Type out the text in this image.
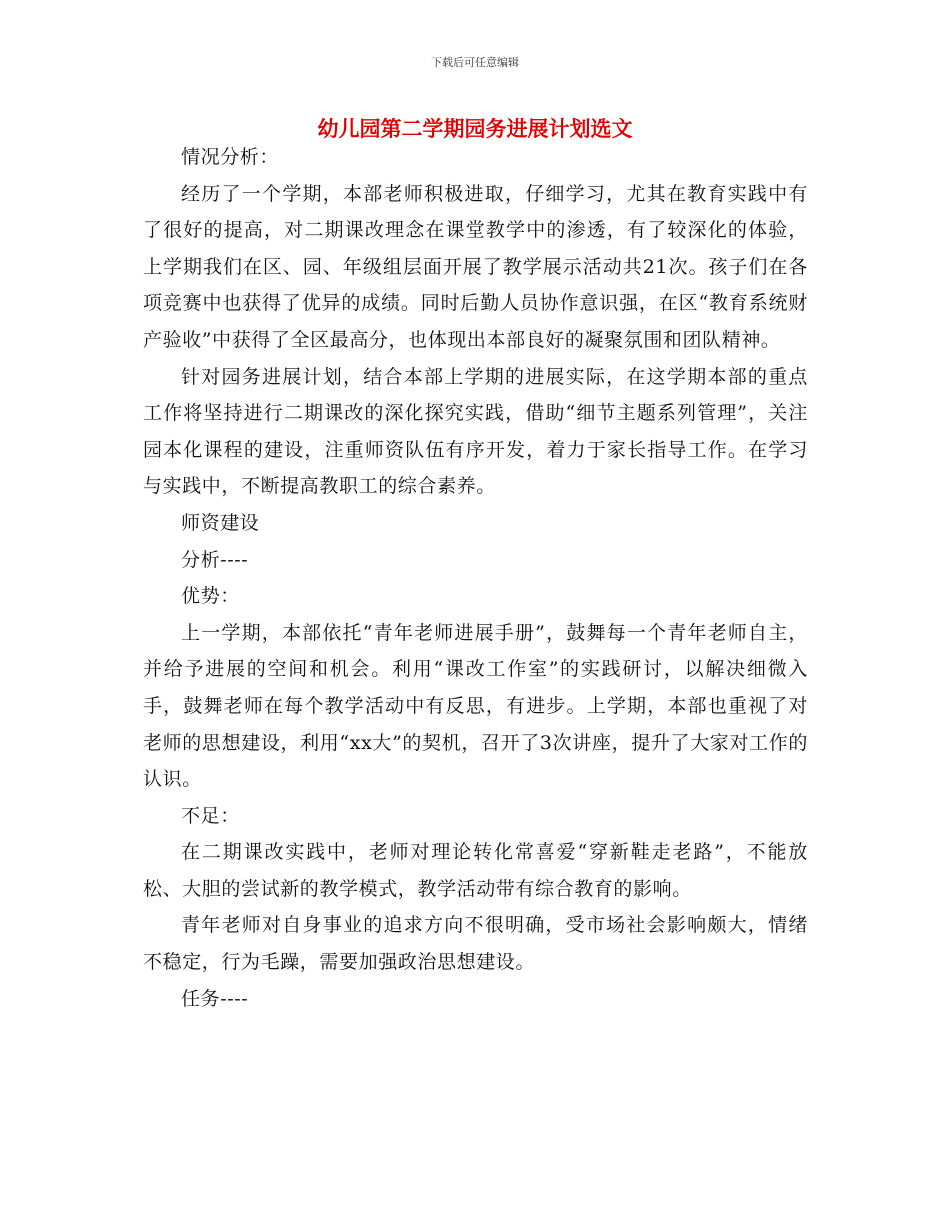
下载后可任意编辑
幼儿园第二学期园务进展计划选文

情况分析：

经历了一个学期，本部老师积极进取，仔细学习，尤其在教育实践中有了很好的提高，对二期课改理念在课堂教学中的渗透，有了较深化的体验，上学期我们在区、园、年级组层面开展了教学展示活动共21次。孩子们在各项竞赛中也获得了优异的成绩。同时后勤人员协作意识强，在区“教育系统财产验收”中获得了全区最高分，也体现出本部良好的凝聚氛围和团队精神。

针对园务进展计划，结合本部上学期的进展实际，在这学期本部的重点工作将坚持进行二期课改的深化探究实践，借助“细节主题系列管理”，关注园本化课程的建设，注重师资队伍有序开发，着力于家长指导工作。在学习与实践中，不断提高教职工的综合素养。

师资建设

分析----

优势：

上一学期，本部依托“青年老师进展手册”，鼓舞每一个青年老师自主，并给予进展的空间和机会。利用“课改工作室”的实践研讨，以解决细微入手，鼓舞老师在每个教学活动中有反思，有进步。上学期，本部也重视了对老师的思想建设，利用“xx大”的契机，召开了3次讲座，提升了大家对工作的认识。

不足：

在二期课改实践中，老师对理论转化常喜爱“穿新鞋走老路”，不能放松、大胆的尝试新的教学模式，教学活动带有综合教育的影响。

青年老师对自身事业的追求方向不很明确，受市场社会影响颇大，情绪不稳定，行为毛躁，需要加强政治思想建设。

任务----
